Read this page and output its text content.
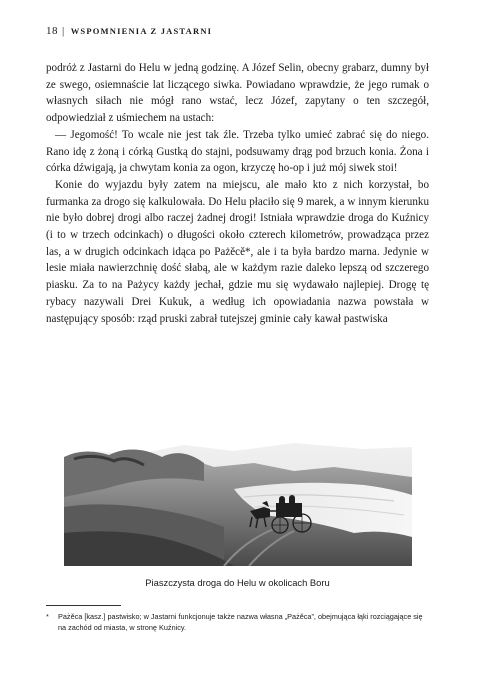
18 | WSPOMNIENIA Z JASTARNI

podróż z Jastarni do Helu w jedną godzinę. A Józef Selin, obecny grabarz, dumny był ze swego, osiemnaście lat liczącego siwka. Powiadano wprawdzie, że jego rumak o własnych siłach nie mógł rano wstać, lecz Józef, zapytany o ten szczegół, odpowiedział z uśmiechem na ustach:

— Jegomość! To wcale nie jest tak źle. Trzeba tylko umieć zabrać się do niego. Rano idę z żoną i córką Gustką do stajni, podsuwamy drąg pod brzuch konia. Żona i córka dźwigają, ja chwytam konia za ogon, krzyczę ho-op i już mój siwek stoi!

Konie do wyjazdu były zatem na miejscu, ale mało kto z nich korzystał, bo furmanka za drogo się kalkulowała. Do Helu płaciło się 9 marek, a w innym kierunku nie było dobrej drogi albo raczej żadnej drogi! Istniała wprawdzie droga do Kuźnicy (i to w trzech odcinkach) o długości około czterech kilometrów, prowadząca przez las, a w drugich odcinkach idąca po Pażěcě*, ale i ta była bardzo marna. Jedynie w lesie miała nawierzchnię dość słabą, ale w każdym razie daleko lepszą od szczerego piasku. Za to na Pażycy każdy jechał, gdzie mu się wydawało najlepiej. Drogę tę rybacy nazywali Drei Kukuk, a według ich opowiadania nazwa powstała w następujący sposób: rząd pruski zabrał tutejszej gminie cały kawał pastwiska

Piaszczysta droga do Helu w okolicach Boru
* Pażěca [kasz.] pastwisko; w Jastarni funkcjonuje także nazwa własna „Pażěca”, obejmująca łąki rozciągające się na zachód od miasta, w stronę Kuźnicy.
